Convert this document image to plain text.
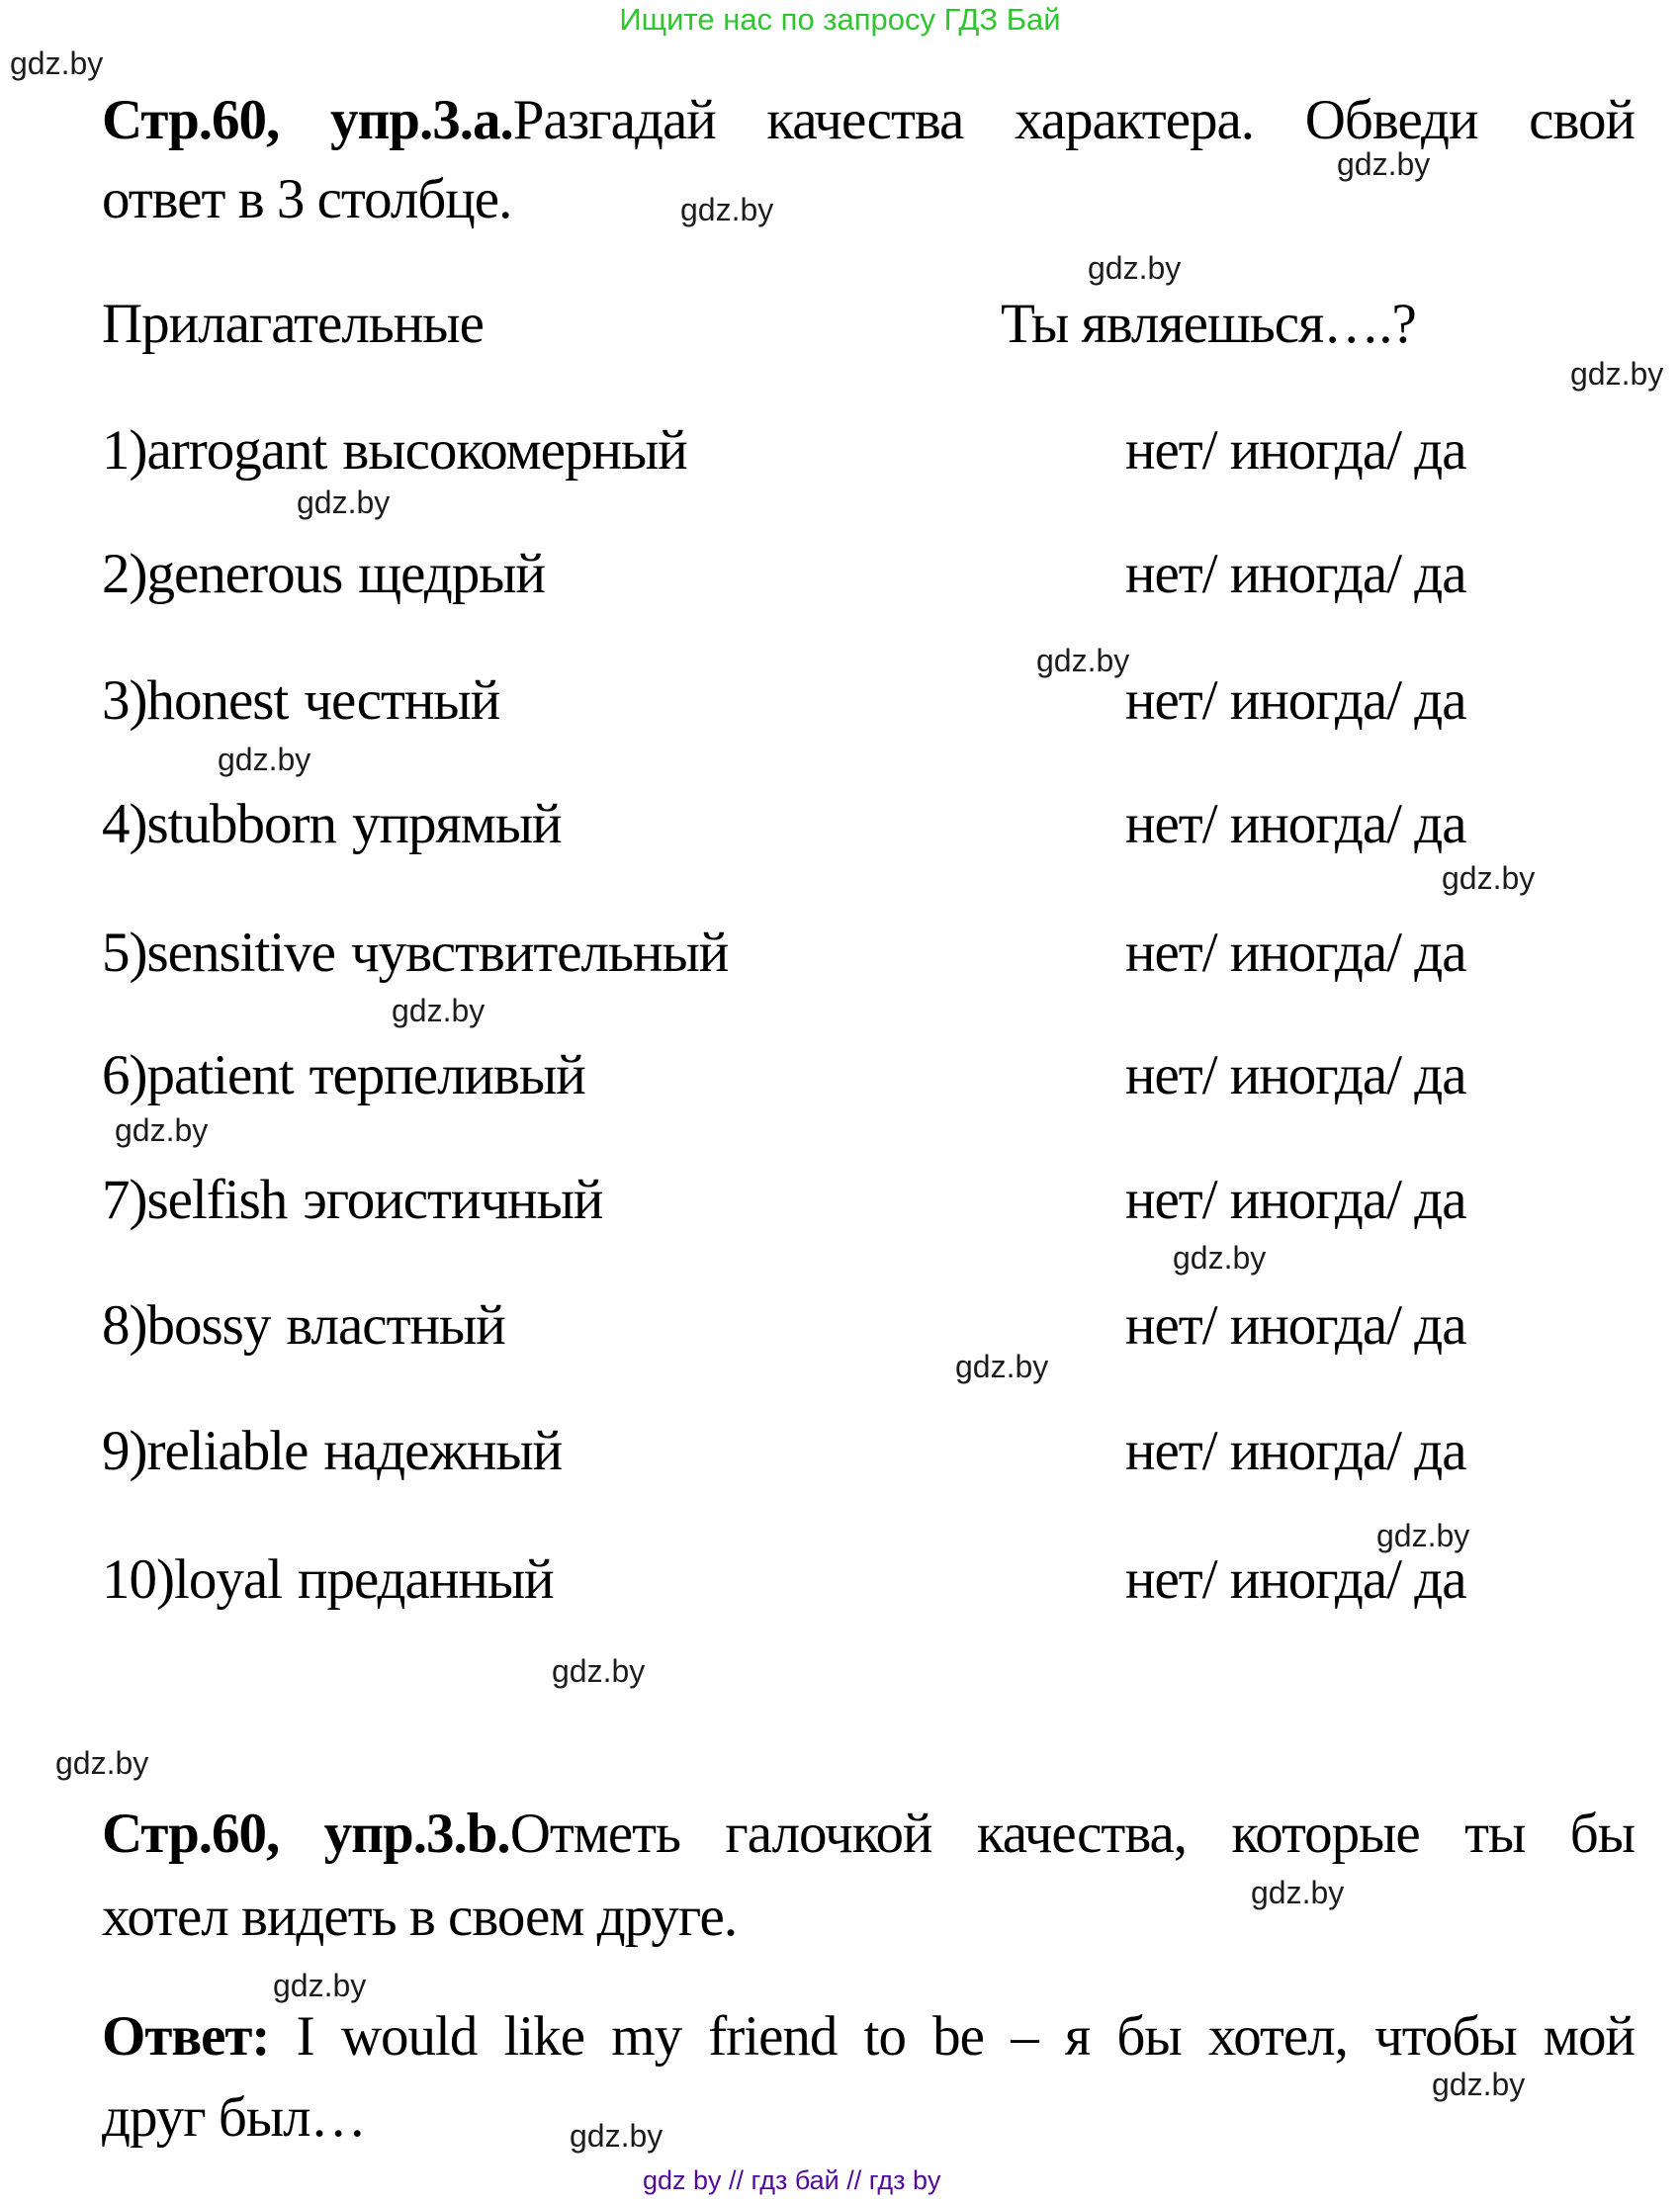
Ищите нас по запросу ГДЗ Бай
gdz.by
gdz.by
gdz.by
gdz.by
gdz.by
gdz.by
gdz.by
gdz.by
gdz.by
gdz.by
gdz.by
gdz.by
gdz.by
gdz.by
gdz.by
gdz.by
gdz.by
gdz.by
gdz.by
gdz.by
Стр.60, упр.3.а.Разгадай качества характера. Обведи свой
ответ в 3 столбце.
Прилагательные	Ты являешься….?
1)arrogant высокомерный	нет/ иногда/ да
2)generous щедрый	нет/ иногда/ да
3)honest честный	нет/ иногда/ да
4)stubborn упрямый	нет/ иногда/ да
5)sensitive чувствительный	нет/ иногда/ да
6)patient терпеливый	нет/ иногда/ да
7)selfish эгоистичный	нет/ иногда/ да
8)bossy властный	нет/ иногда/ да
9)reliable надежный	нет/ иногда/ да
10)loyal преданный	нет/ иногда/ да
Стр.60, упр.3.b.Отметь галочкой качества, которые ты бы
хотел видеть в своем друге.
Ответ: I would like my friend to be – я бы хотел, чтобы мой
друг был…
gdz by // гдз бай // гдз by
